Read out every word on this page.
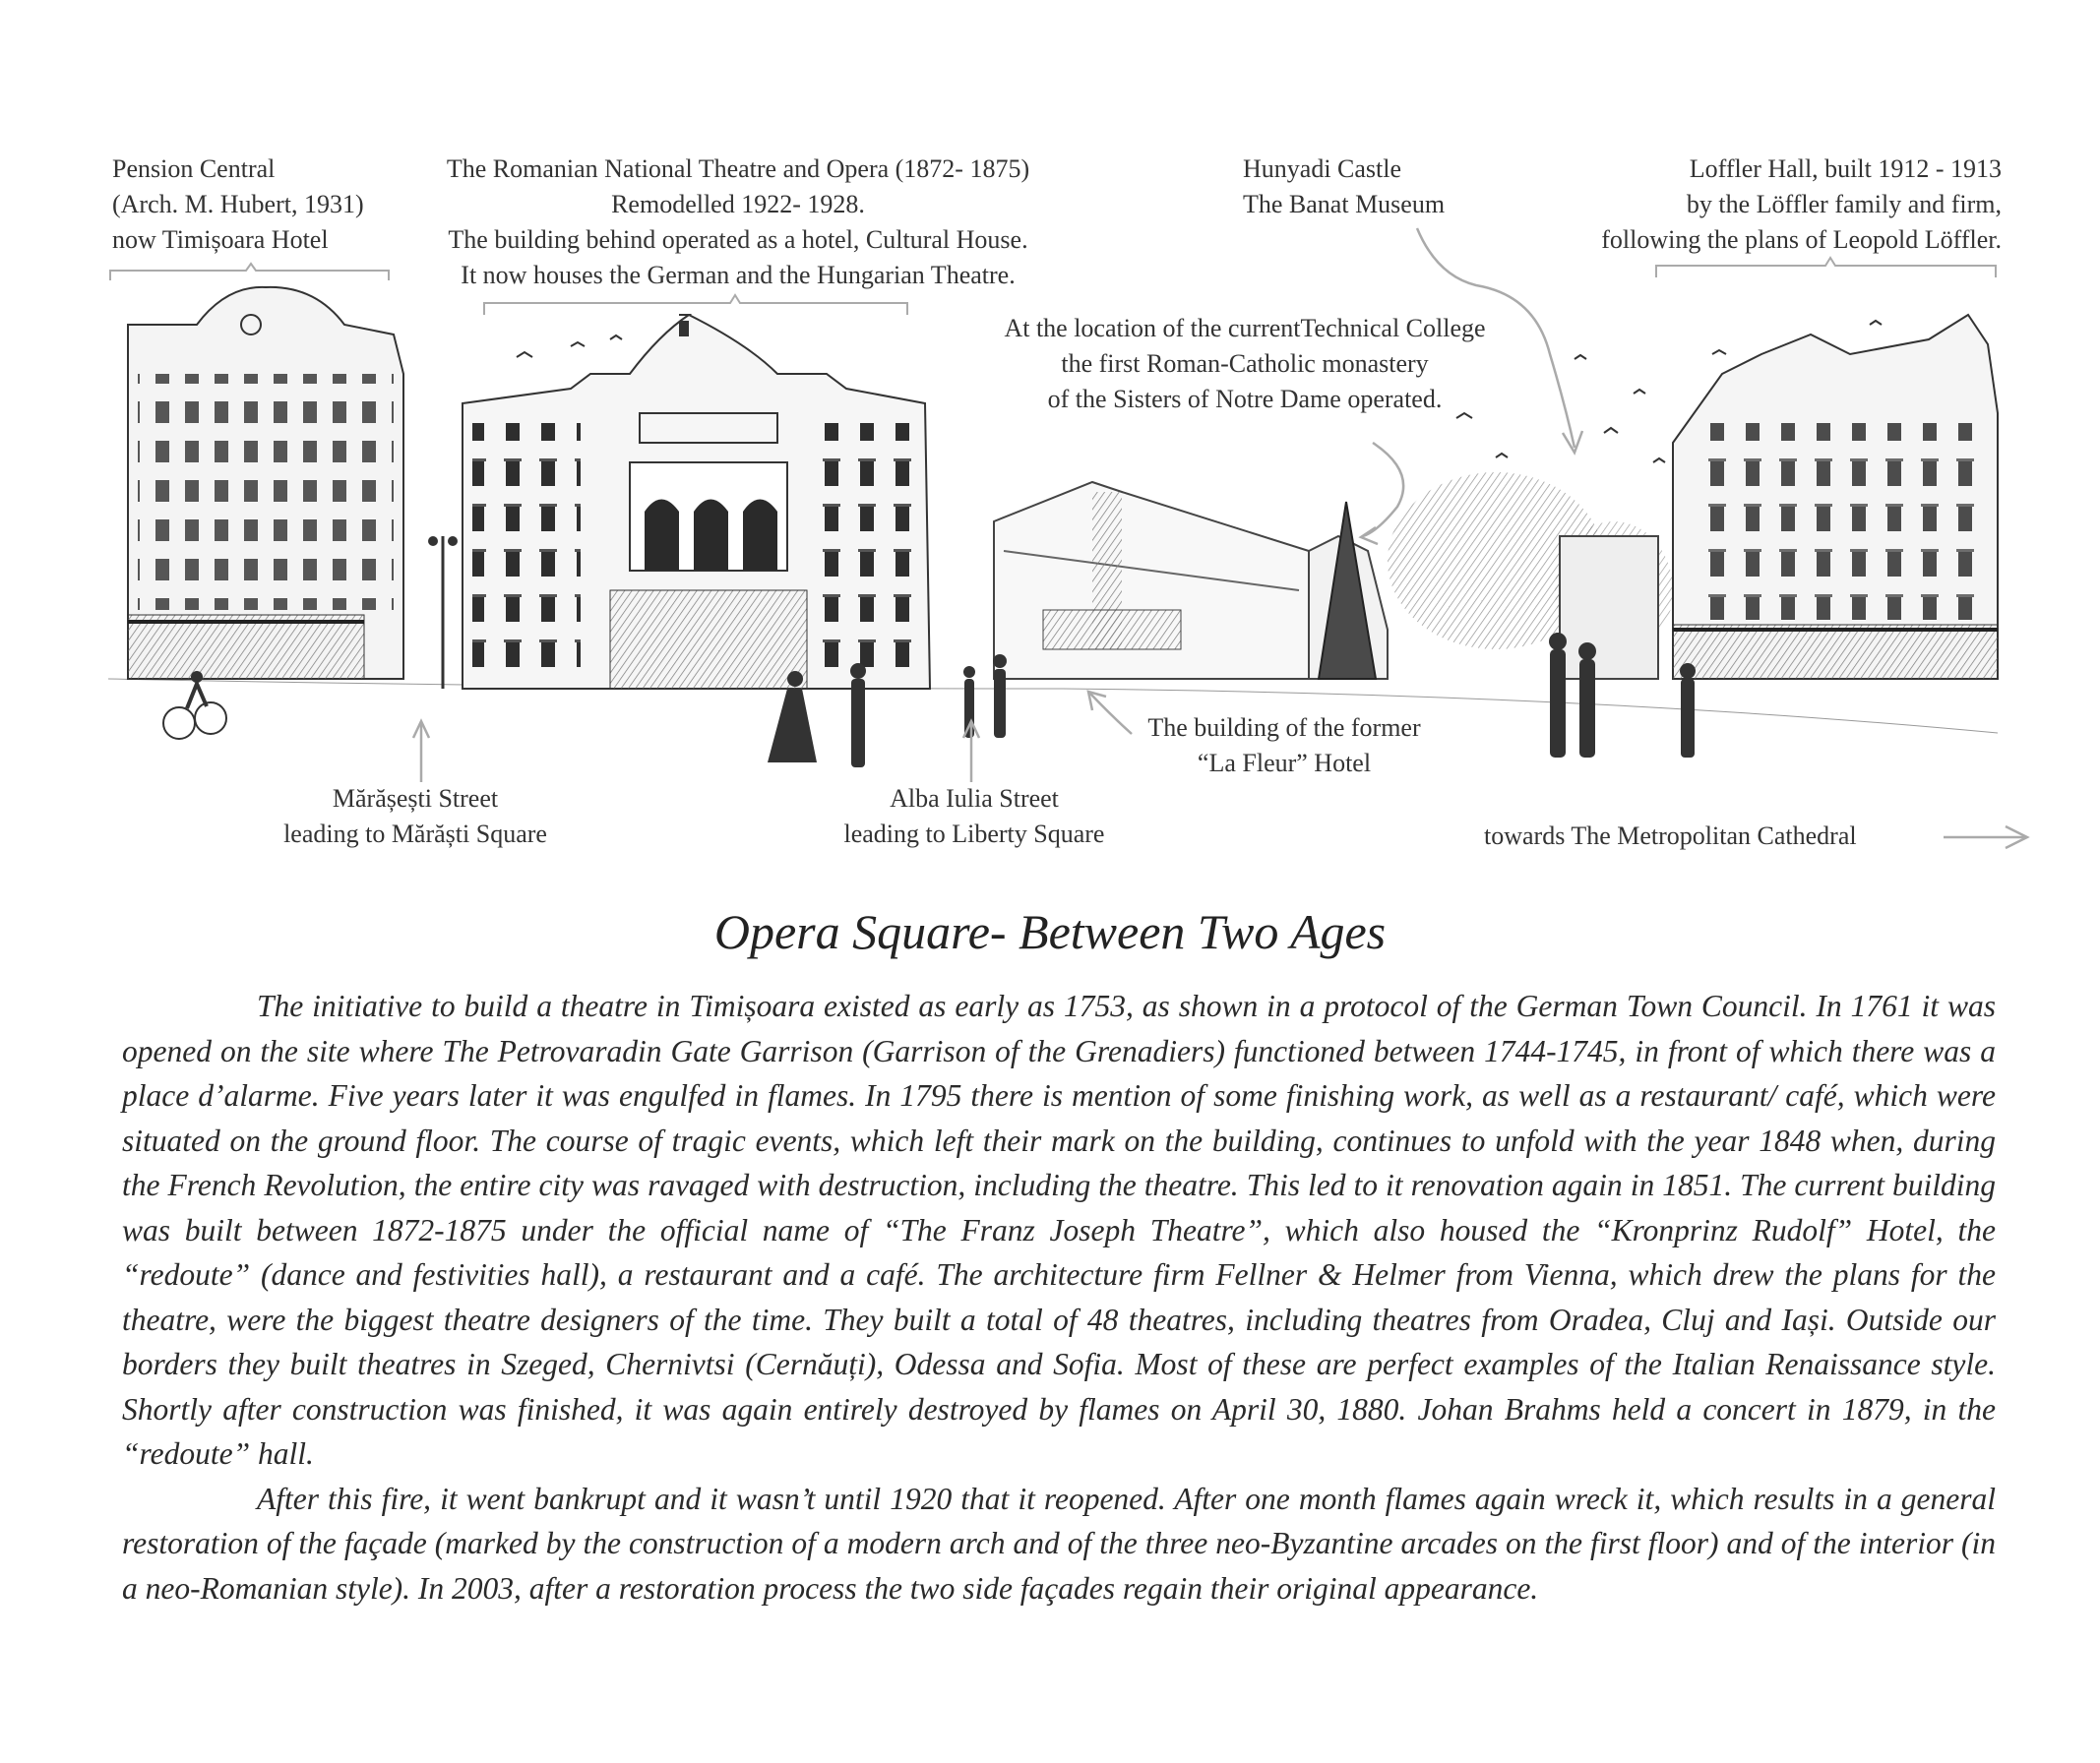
Pension Central
(Arch. M. Hubert, 1931)
now Timișoara Hotel
The Romanian National Theatre and Opera (1872- 1875)
Remodelled 1922- 1928.
The building behind operated as a hotel, Cultural House.
It now houses the German and the Hungarian Theatre.
Hunyadi Castle
The Banat Museum
Loffler Hall, built 1912 - 1913
by the Löffler family and firm,
following the plans of Leopold Löffler.
At the location of the currentTechnical College
the first Roman-Catholic monastery
of the Sisters of Notre Dame operated.
The building of the former
“La Fleur” Hotel
Mărășești Street
leading to Mărăști Square
Alba Iulia Street
leading to Liberty Square	towards The Metropolitan Cathedral
Opera Square- Between Two Ages

The initiative to build a theatre in Timișoara existed as early as 1753, as shown in a protocol of the German Town Council. In 1761 it was opened on the site where The Petrovaradin Gate Garrison (Garrison of the Grenadiers) functioned between 1744-1745, in front of which there was a place d’alarme. Five years later it was engulfed in flames. In 1795 there is mention of some finishing work, as well as a restaurant/ café, which were situated on the ground floor. The course of tragic events, which left their mark on the building, continues to unfold with the year 1848 when, during the French Revolution, the entire city was ravaged with destruction, including the theatre. This led to it renovation again in 1851. The current building was built between 1872-1875 under the official name of “The Franz Joseph Theatre”, which also housed the “Kronprinz Rudolf” Hotel, the “redoute” (dance and festivities hall), a restaurant and a café. The architecture firm Fellner & Helmer from Vienna, which drew the plans for the theatre, were the biggest theatre designers of the time. They built a total of 48 theatres, including theatres from Oradea, Cluj and Iași. Outside our borders they built theatres in Szeged, Chernivtsi (Cernăuți), Odessa and Sofia. Most of these are perfect examples of the Italian Renaissance style. Shortly after construction was finished, it was again entirely destroyed by flames on April 30, 1880. Johan Brahms held a concert in 1879, in the “redoute” hall.

After this fire, it went bankrupt and it wasn’t until 1920 that it reopened. After one month flames again wreck it, which results in a general restoration of the façade (marked by the construction of a modern arch and of the three neo-Byzantine arcades on the first floor) and of the interior (in a neo-Romanian style). In 2003, after a restoration process the two side façades regain their original appearance.
